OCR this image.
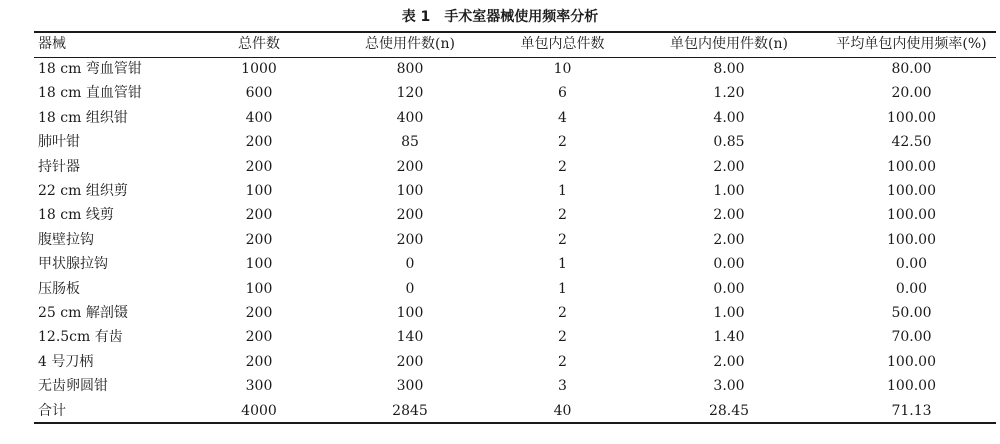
表 1 手术室器械使用频率分析
器械	总件数	总使用件数(n)	单包内总件数	单包内使用件数(n)	平均单包内使用频率(%)
18 cm 弯血管钳	1000	800	10	8.00	80.00
18 cm 直血管钳	600	120	6	1.20	20.00
18 cm 组织钳	400	400	4	4.00	100.00
肺叶钳	200	85	2	0.85	42.50
持针器	200	200	2	2.00	100.00
22 cm 组织剪	100	100	1	1.00	100.00
18 cm 线剪	200	200	2	2.00	100.00
腹壁拉钩	200	200	2	2.00	100.00
甲状腺拉钩	100	0	1	0.00	0.00
压肠板	100	0	1	0.00	0.00
25 cm 解剖镊	200	100	2	1.00	50.00
12.5cm 有齿	200	140	2	1.40	70.00
4 号刀柄	200	200	2	2.00	100.00
无齿卵圆钳	300	300	3	3.00	100.00
合计	4000	2845	40	28.45	71.13
